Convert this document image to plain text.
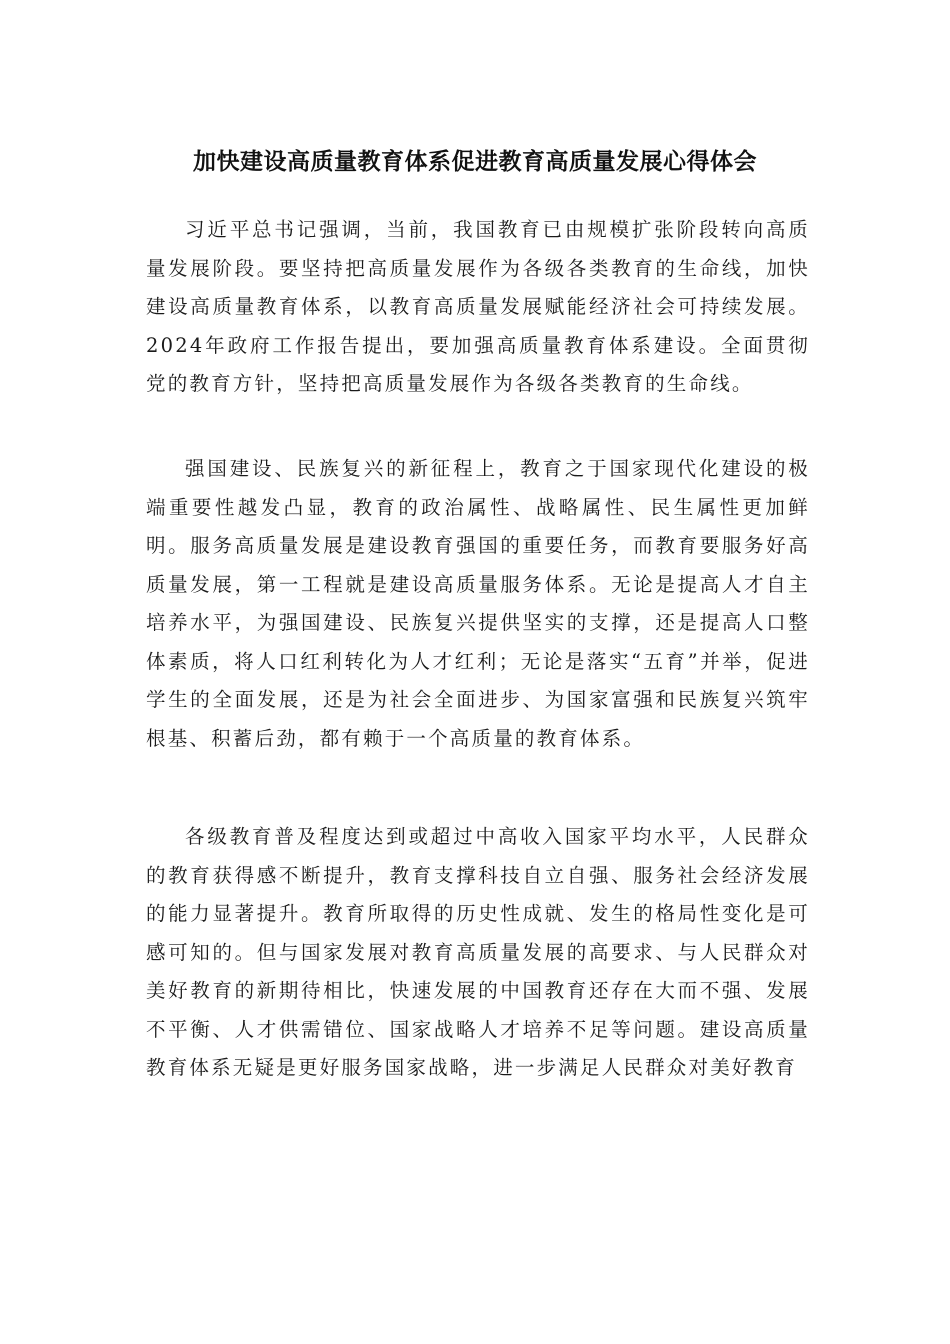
加快建设高质量教育体系促进教育高质量发展心得体会

习近平总书记强调，当前，我国教育已由规模扩张阶段转向高质量发展阶段。要坚持把高质量发展作为各级各类教育的生命线，加快建设高质量教育体系，以教育高质量发展赋能经济社会可持续发展。2024年政府工作报告提出，要加强高质量教育体系建设。全面贯彻党的教育方针，坚持把高质量发展作为各级各类教育的生命线。

强国建设、民族复兴的新征程上，教育之于国家现代化建设的极端重要性越发凸显，教育的政治属性、战略属性、民生属性更加鲜明。服务高质量发展是建设教育强国的重要任务，而教育要服务好高质量发展，第一工程就是建设高质量服务体系。无论是提高人才自主培养水平，为强国建设、民族复兴提供坚实的支撑，还是提高人口整体素质，将人口红利转化为人才红利；无论是落实“五育”并举，促进学生的全面发展，还是为社会全面进步、为国家富强和民族复兴筑牢根基、积蓄后劲，都有赖于一个高质量的教育体系。

各级教育普及程度达到或超过中高收入国家平均水平，人民群众的教育获得感不断提升，教育支撑科技自立自强、服务社会经济发展的能力显著提升。教育所取得的历史性成就、发生的格局性变化是可感可知的。但与国家发展对教育高质量发展的高要求、与人民群众对美好教育的新期待相比，快速发展的中国教育还存在大而不强、发展不平衡、人才供需错位、国家战略人才培养不足等问题。建设高质量教育体系无疑是更好服务国家战略，进一步满足人民群众对美好教育
